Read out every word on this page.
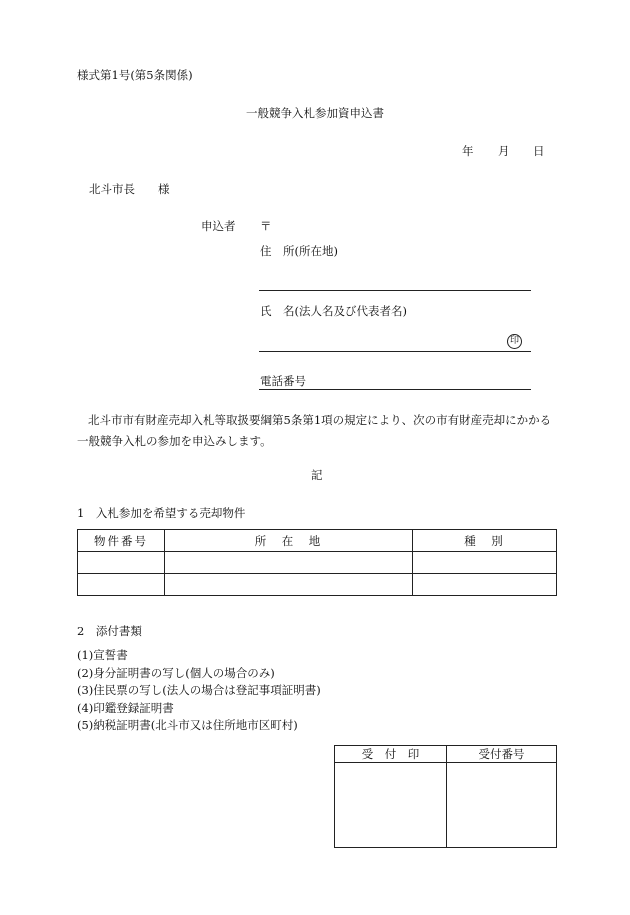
様式第1号(第5条関係)
一般競争入札参加資申込書
年 月 日
北斗市長 様
申込者 〒
住　所(所在地)
氏　名(法人名及び代表者名)
印
電話番号
北斗市市有財産売却入札等取扱要綱第5条第1項の規定により、次の市有財産売却にかかる一般競争入札の参加を申込みします。
記
1　入札参加を希望する売却物件
物件番号	所　在　地	種　別

2　添付書類
(1)宣誓書
(2)身分証明書の写し(個人の場合のみ)
(3)住民票の写し(法人の場合は登記事項証明書)
(4)印鑑登録証明書
(5)納税証明書(北斗市又は住所地市区町村)
受　付　印	受付番号
